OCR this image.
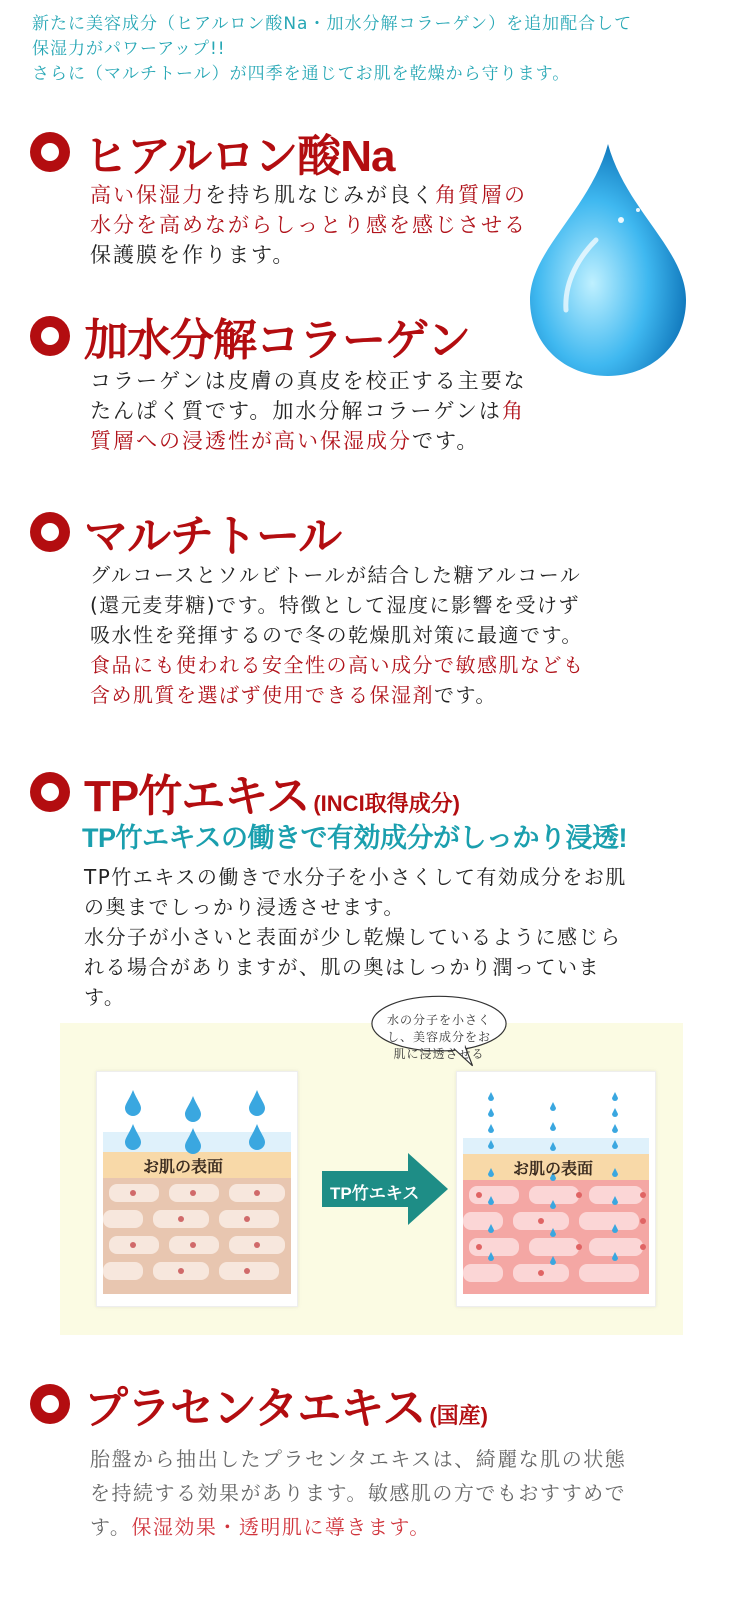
新たに美容成分（ヒアルロン酸Na・加水分解コラーゲン）を追加配合して
保湿力がパワーアップ!!
さらに（マルチトール）が四季を通じてお肌を乾燥から守ります。
ヒアルロン酸Na
高い保湿力を持ち肌なじみが良く角質層の
水分を高めながらしっとり感を感じさせる
保護膜を作ります。
加水分解コラーゲン
コラーゲンは皮膚の真皮を校正する主要な
たんぱく質です。加水分解コラーゲンは角
質層への浸透性が高い保湿成分です。
マルチトール
グルコースとソルビトールが結合した糖アルコール
(還元麦芽糖)です。特徴として湿度に影響を受けず
吸水性を発揮するので冬の乾燥肌対策に最適です。
食品にも使われる安全性の高い成分で敏感肌なども
含め肌質を選ばず使用できる保湿剤です。
TP竹エキス (INCI取得成分)
TP竹エキスの働きで有効成分がしっかり浸透!
TP竹エキスの働きで水分子を小さくして有効成分をお肌
の奥までしっかり浸透させます。
水分子が小さいと表面が少し乾燥しているように感じら
れる場合がありますが、肌の奥はしっかり潤っていま
す。
お肌の表面
TP竹エキス
お肌の表面
水の分子を小さく
し、美容成分をお
肌に浸透させる
プラセンタエキス (国産)
胎盤から抽出したプラセンタエキスは、綺麗な肌の状態
を持続する効果があります。敏感肌の方でもおすすめで
す。保湿効果・透明肌に導きます。
